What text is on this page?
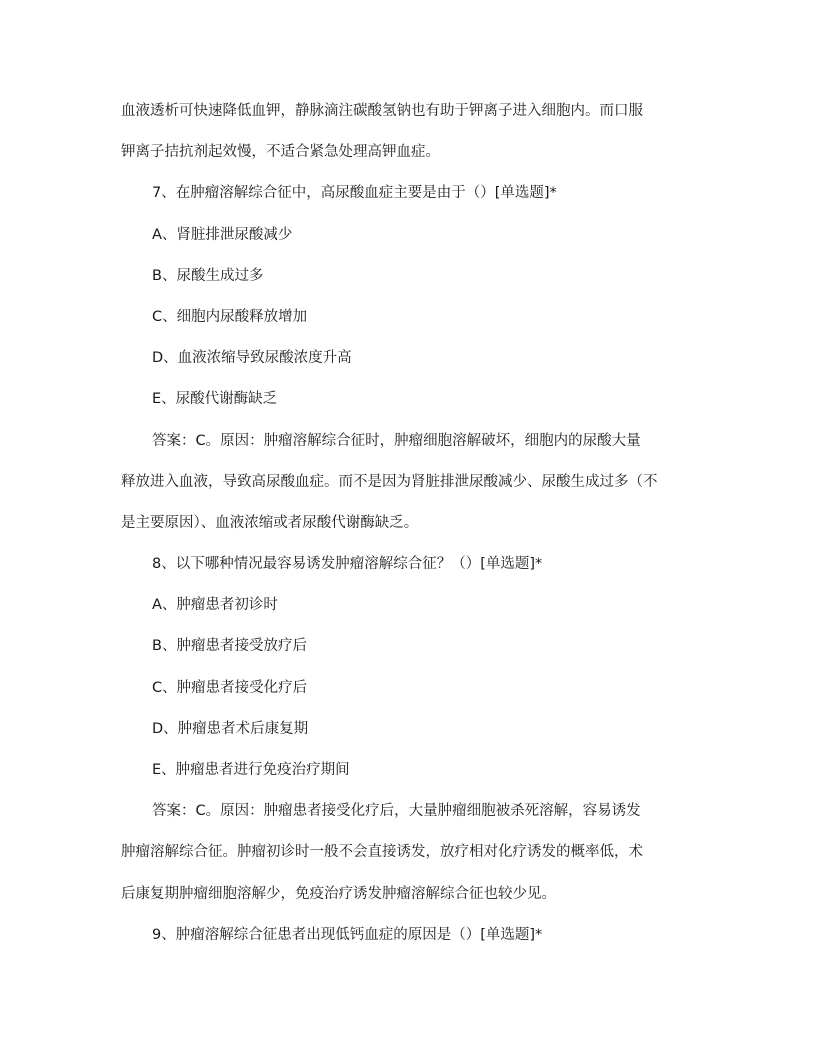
血液透析可快速降低血钾，静脉滴注碳酸氢钠也有助于钾离子进入细胞内。而口服
钾离子拮抗剂起效慢，不适合紧急处理高钾血症。
7、在肿瘤溶解综合征中，高尿酸血症主要是由于（）[单选题]*
A、肾脏排泄尿酸减少
B、尿酸生成过多
C、细胞内尿酸释放增加
D、血液浓缩导致尿酸浓度升高
E、尿酸代谢酶缺乏
答案：C。原因：肿瘤溶解综合征时，肿瘤细胞溶解破坏，细胞内的尿酸大量
释放进入血液，导致高尿酸血症。而不是因为肾脏排泄尿酸减少、尿酸生成过多（不
是主要原因）、血液浓缩或者尿酸代谢酶缺乏。
8、以下哪种情况最容易诱发肿瘤溶解综合征？（）[单选题]*
A、肿瘤患者初诊时
B、肿瘤患者接受放疗后
C、肿瘤患者接受化疗后
D、肿瘤患者术后康复期
E、肿瘤患者进行免疫治疗期间
答案：C。原因：肿瘤患者接受化疗后，大量肿瘤细胞被杀死溶解，容易诱发
肿瘤溶解综合征。肿瘤初诊时一般不会直接诱发，放疗相对化疗诱发的概率低，术
后康复期肿瘤细胞溶解少，免疫治疗诱发肿瘤溶解综合征也较少见。
9、肿瘤溶解综合征患者出现低钙血症的原因是（）[单选题]*
